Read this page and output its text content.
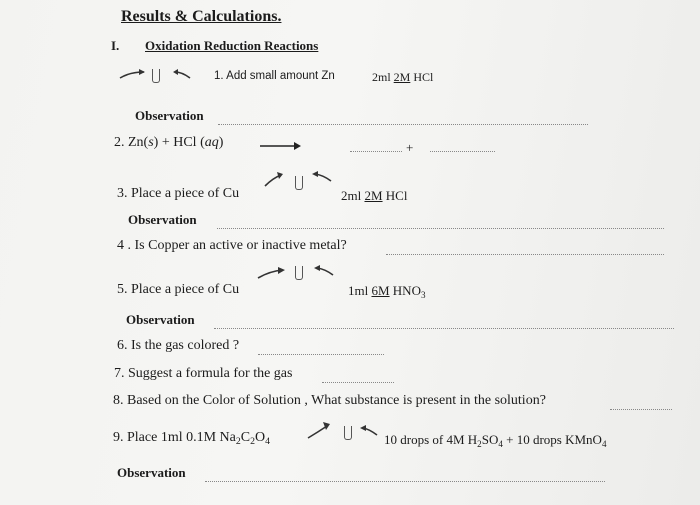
Results & Calculations.
I. Oxidation Reduction Reactions
1. Add small amount Zn	2ml 2M HCl
Observation
2. Zn(s) + HCl (aq)	+
3. Place a piece of Cu	2ml 2M HCl
Observation
4 . Is Copper an active or inactive metal?
5. Place a piece of Cu	1ml 6M $HNO_3$
Observation
6. Is the gas colored ?
7. Suggest a formula for the gas
8. Based on the Color of Solution , What substance is present in the solution?
9. Place 1ml 0.1M $Na_2C_2O_4$	10 drops of 4M $H_2SO_4 + 10$ drops KMnO$_4$
Observation
